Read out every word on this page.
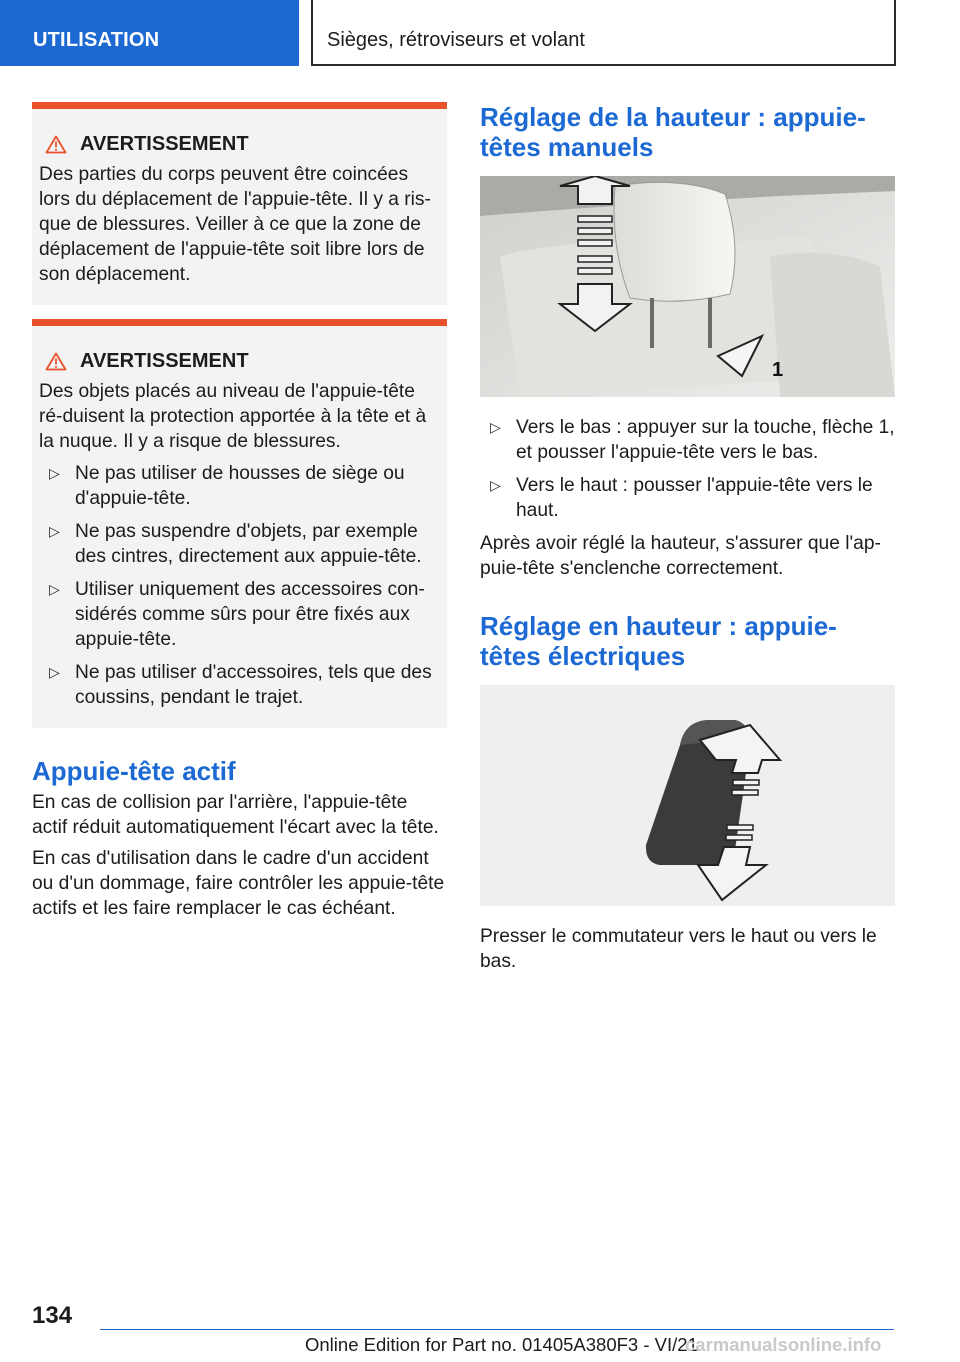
UTILISATION	Sièges, rétroviseurs et volant
AVERTISSEMENT

Des parties du corps peuvent être coincées lors du déplacement de l'appuie-tête. Il y a ris-que de blessures. Veiller à ce que la zone de déplacement de l'appuie-tête soit libre lors de son déplacement.

AVERTISSEMENT

Des objets placés au niveau de l'appuie-tête ré-duisent la protection apportée à la tête et à la nuque. Il y a risque de blessures.

▷ Ne pas utiliser de housses de siège ou d'appuie-tête.
▷ Ne pas suspendre d'objets, par exemple des cintres, directement aux appuie-tête.
▷ Utiliser uniquement des accessoires con-sidérés comme sûrs pour être fixés aux appuie-tête.
▷ Ne pas utiliser d'accessoires, tels que des coussins, pendant le trajet.
Appuie-tête actif

En cas de collision par l'arrière, l'appuie-tête actif réduit automatiquement l'écart avec la tête.

En cas d'utilisation dans le cadre d'un accident ou d'un dommage, faire contrôler les appuie-tête actifs et les faire remplacer le cas échéant.

Réglage de la hauteur : appuie-têtes manuels
1
▷ Vers le bas : appuyer sur la touche, flèche 1, et pousser l'appuie-tête vers le bas.
▷ Vers le haut : pousser l'appuie-tête vers le haut.

Après avoir réglé la hauteur, s'assurer que l'ap-puie-tête s'enclenche correctement.

Réglage en hauteur : appuie-têtes électriques

Presser le commutateur vers le haut ou vers le bas.

134
Online Edition for Part no. 01405A380F3 - VI/21
carmanualsonline.info
